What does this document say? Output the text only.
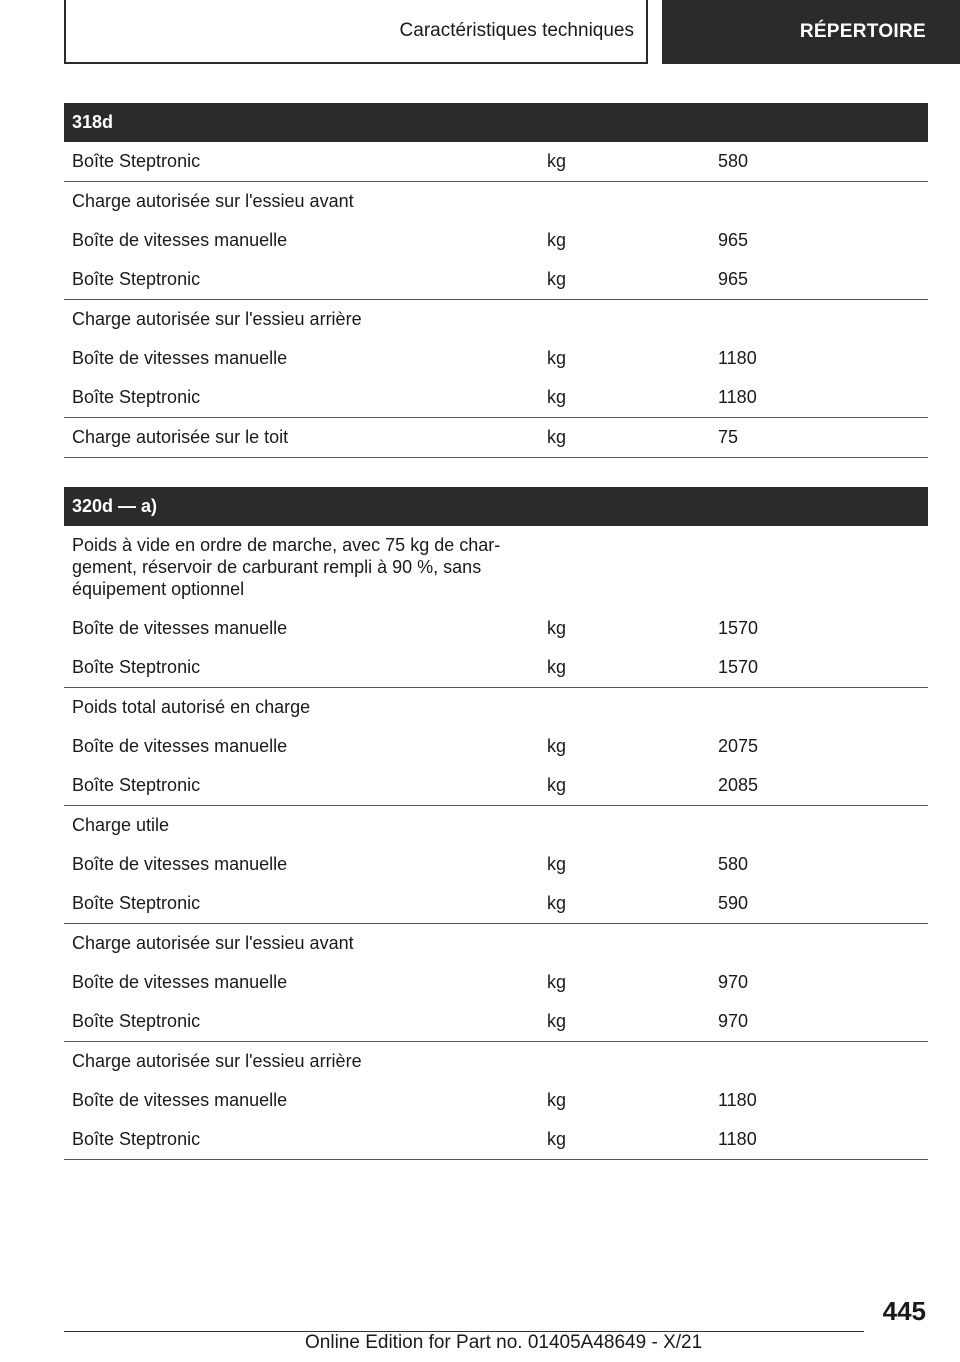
Caractéristiques techniques	RÉPERTOIRE
318d
Boîte Steptronic	kg	580
Charge autorisée sur l'essieu avant
Boîte de vitesses manuelle	kg	965
Boîte Steptronic	kg	965
Charge autorisée sur l'essieu arrière
Boîte de vitesses manuelle	kg	1180
Boîte Steptronic	kg	1180
Charge autorisée sur le toit	kg	75
320d — a)
Poids à vide en ordre de marche, avec 75 kg de char-
gement, réservoir de carburant rempli à 90 %, sans
équipement optionnel
Boîte de vitesses manuelle	kg	1570
Boîte Steptronic	kg	1570
Poids total autorisé en charge
Boîte de vitesses manuelle	kg	2075
Boîte Steptronic	kg	2085
Charge utile
Boîte de vitesses manuelle	kg	580
Boîte Steptronic	kg	590
Charge autorisée sur l'essieu avant
Boîte de vitesses manuelle	kg	970
Boîte Steptronic	kg	970
Charge autorisée sur l'essieu arrière
Boîte de vitesses manuelle	kg	1180
Boîte Steptronic	kg	1180
445
Online Edition for Part no. 01405A48649 - X/21
